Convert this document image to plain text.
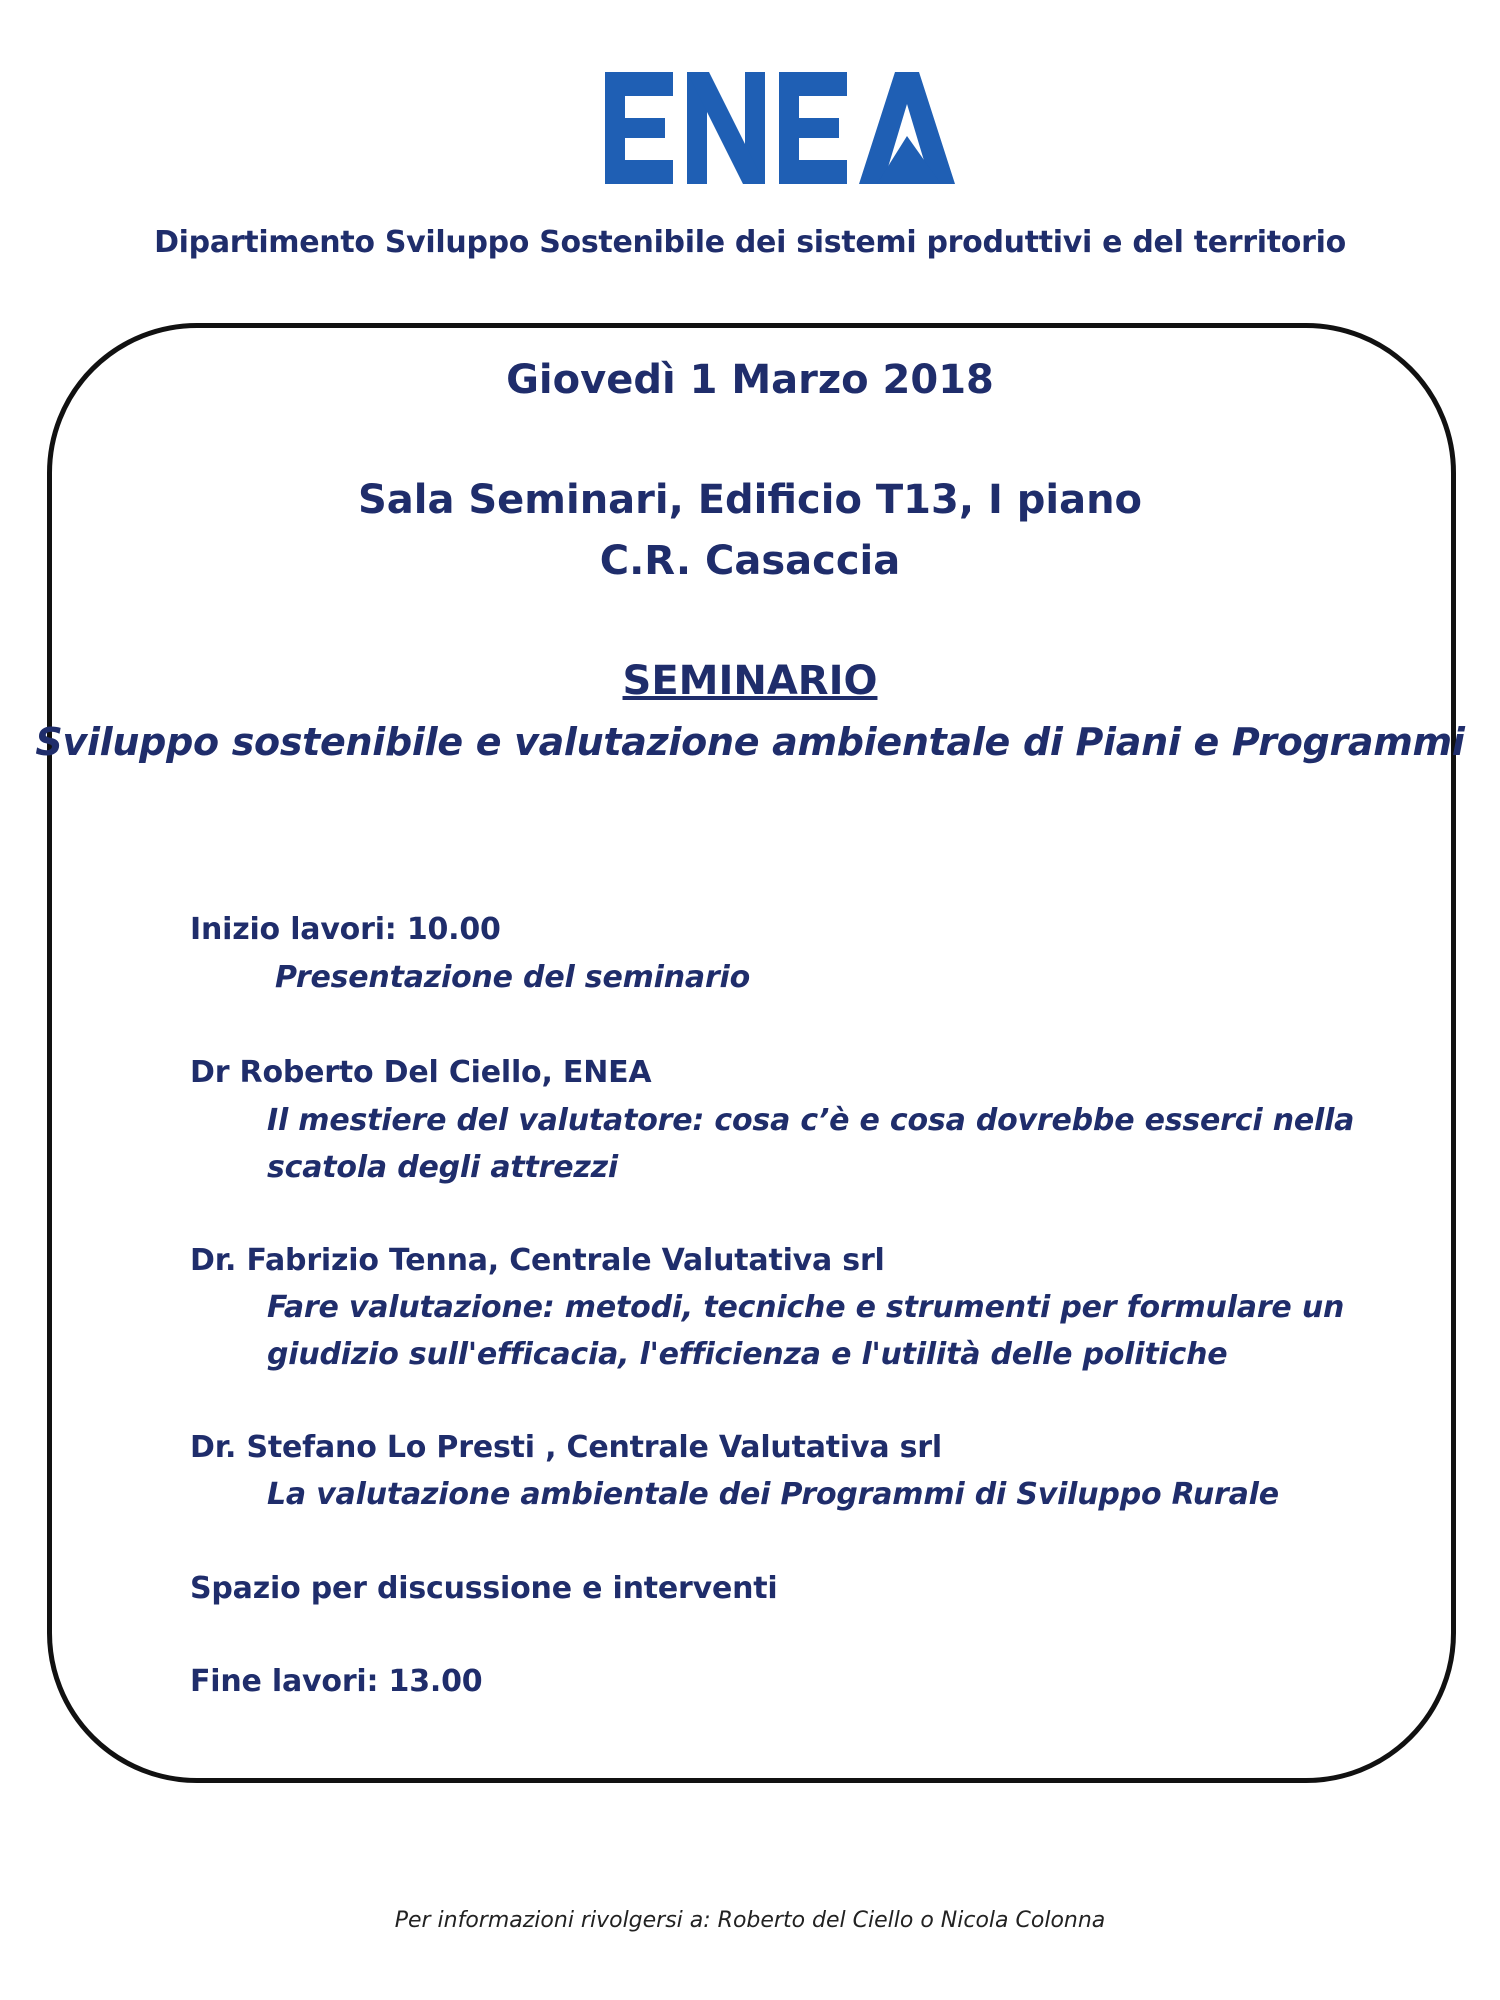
Dipartimento Sviluppo Sostenibile dei sistemi produttivi e del territorio
Giovedì 1 Marzo 2018
Sala Seminari, Edificio T13, I piano
C.R. Casaccia
SEMINARIO
Sviluppo sostenibile e valutazione ambientale di Piani e Programmi
Inizio lavori: 10.00
Presentazione del seminario
Dr Roberto Del Ciello, ENEA
Il mestiere del valutatore: cosa c’è e cosa dovrebbe esserci nella
scatola degli attrezzi
Dr. Fabrizio Tenna, Centrale Valutativa srl
Fare valutazione: metodi, tecniche e strumenti per formulare un
giudizio sull'efficacia, l'efficienza e l'utilità delle politiche
Dr. Stefano Lo Presti , Centrale Valutativa srl
La valutazione ambientale dei Programmi di Sviluppo Rurale
Spazio per discussione e interventi
Fine lavori: 13.00
Per informazioni rivolgersi a: Roberto del Ciello o Nicola Colonna
